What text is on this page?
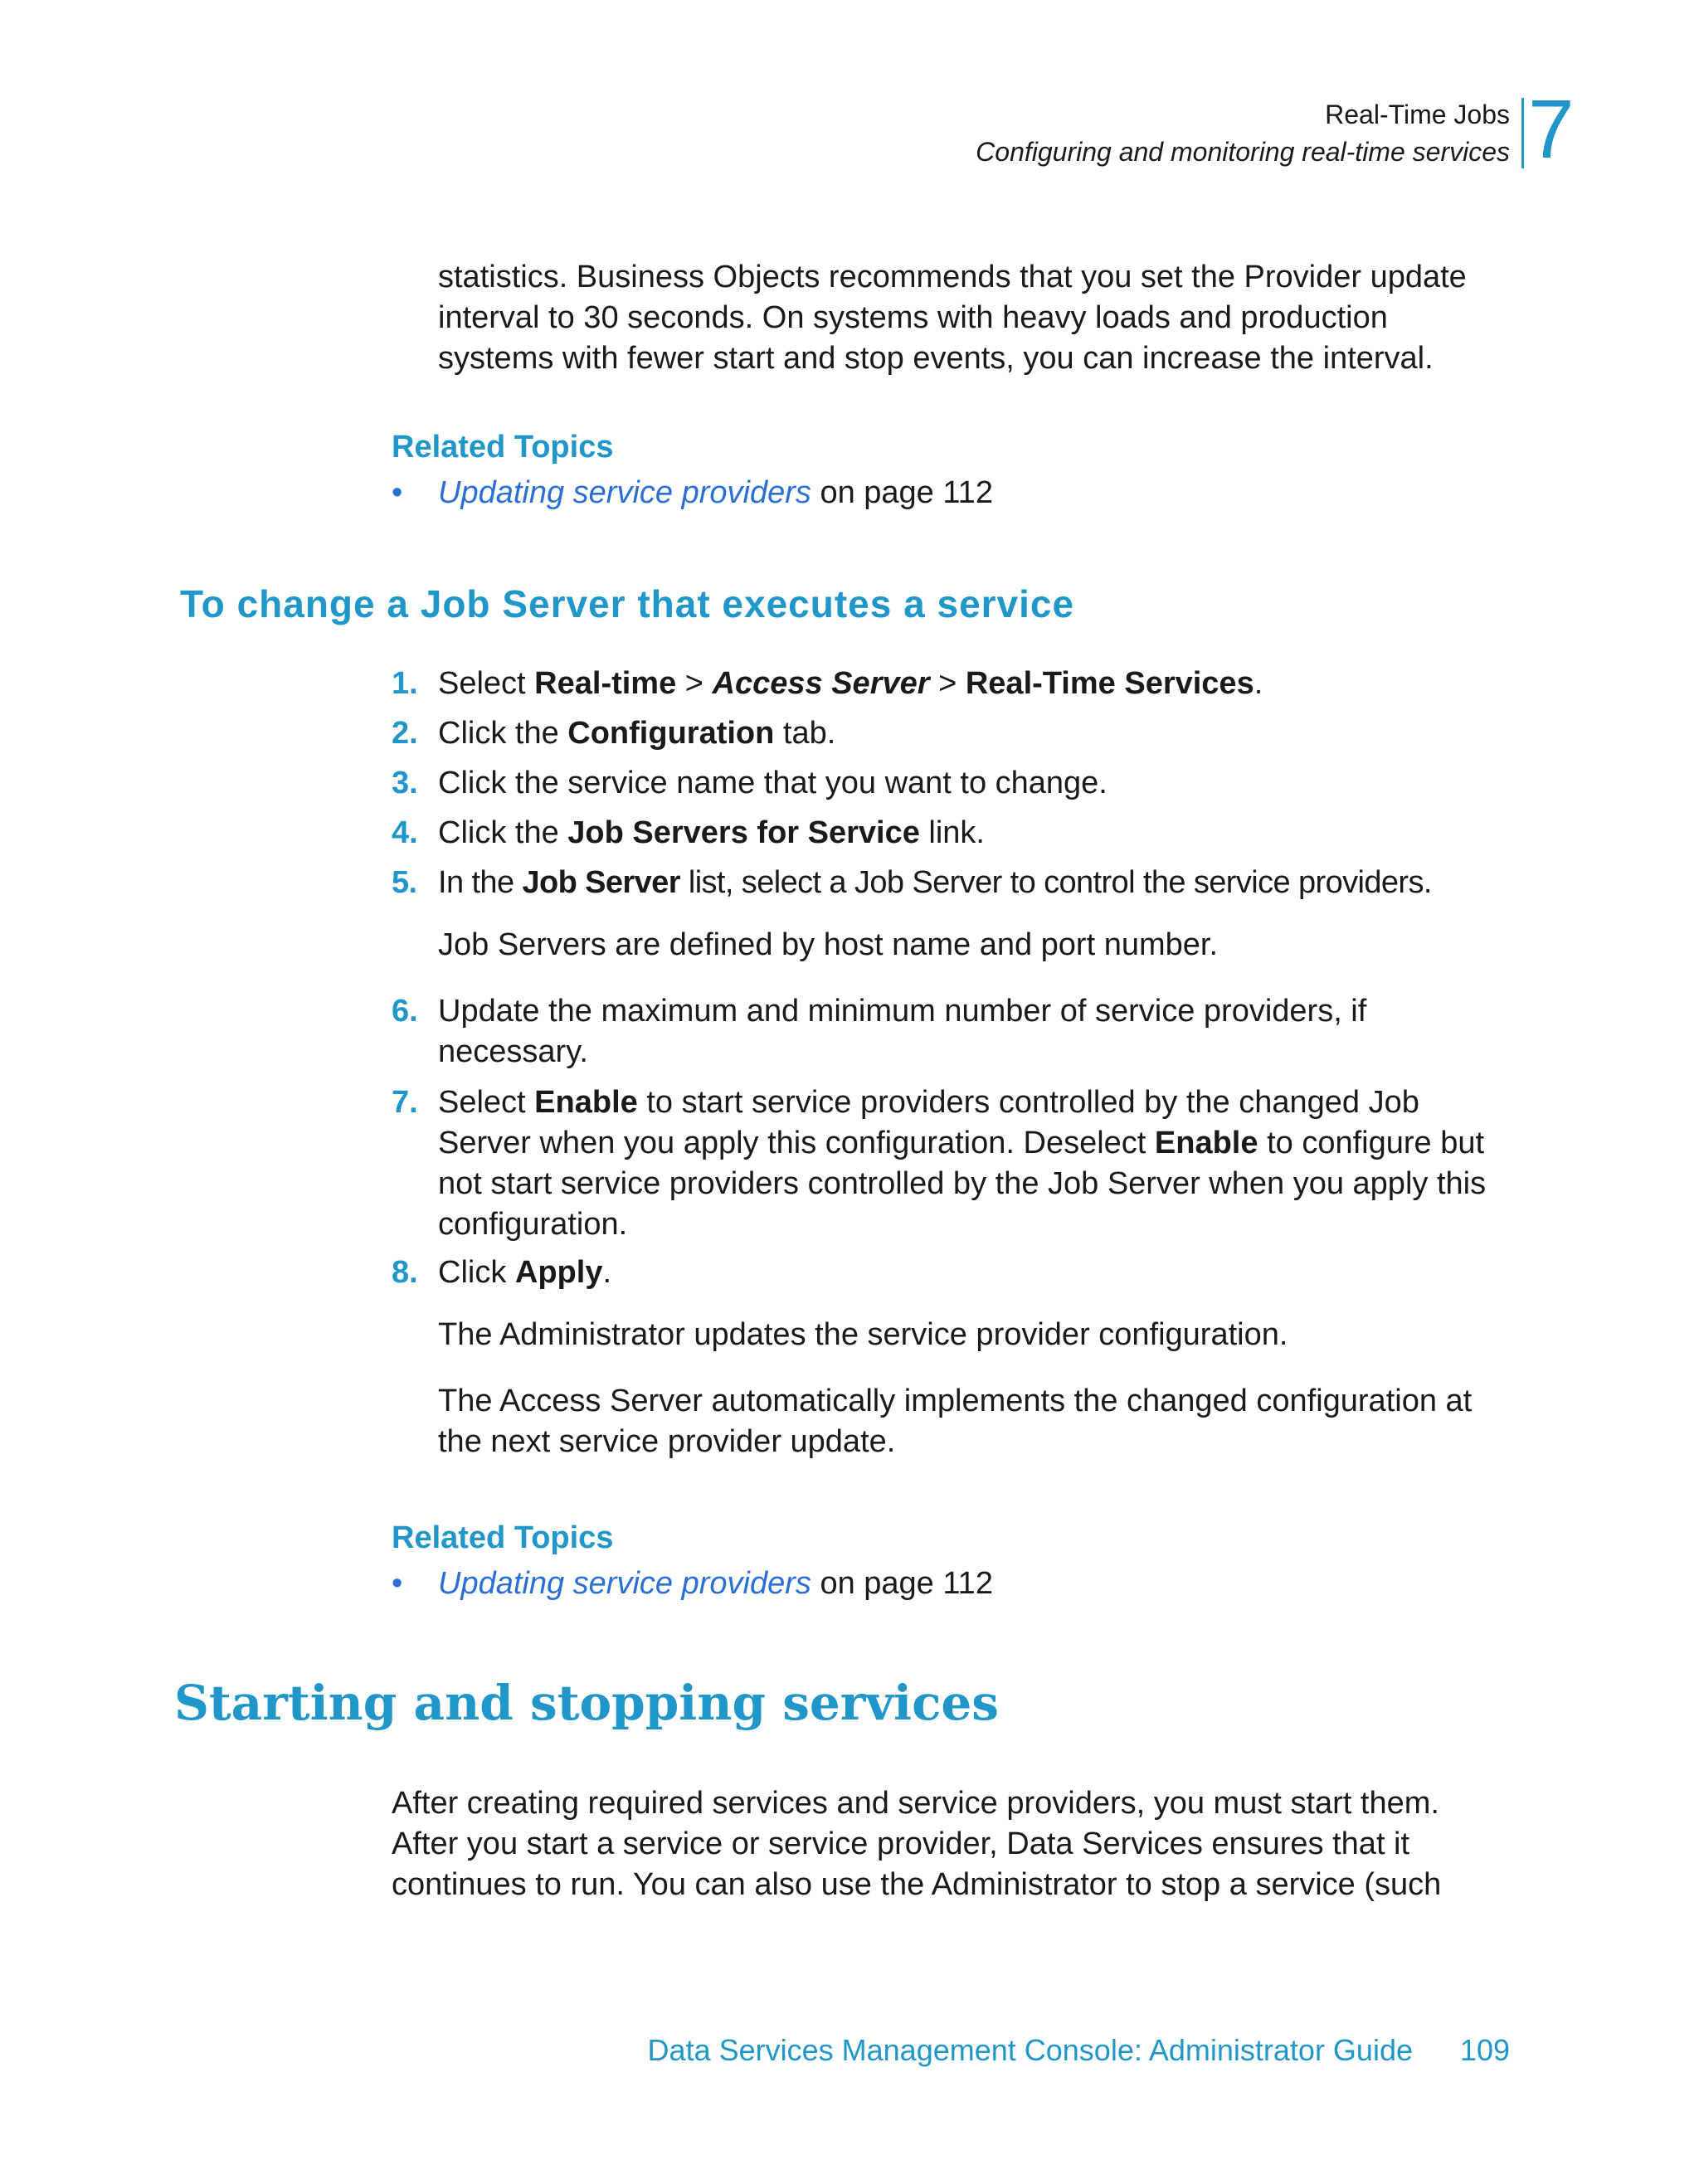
Real-Time Jobs
Configuring and monitoring real-time services 7
statistics. Business Objects recommends that you set the Provider update interval to 30 seconds. On systems with heavy loads and production systems with fewer start and stop events, you can increase the interval.
Related Topics
• Updating service providers on page 112
To change a Job Server that executes a service
1. Select Real-time > Access Server > Real-Time Services.
2. Click the Configuration tab.
3. Click the service name that you want to change.
4. Click the Job Servers for Service link.
5. In the Job Server list, select a Job Server to control the service providers.
Job Servers are defined by host name and port number.
6. Update the maximum and minimum number of service providers, if necessary.
7. Select Enable to start service providers controlled by the changed Job Server when you apply this configuration. Deselect Enable to configure but not start service providers controlled by the Job Server when you apply this configuration.
8. Click Apply.
The Administrator updates the service provider configuration.
The Access Server automatically implements the changed configuration at the next service provider update.
Related Topics
• Updating service providers on page 112
Starting and stopping services
After creating required services and service providers, you must start them. After you start a service or service provider, Data Services ensures that it continues to run. You can also use the Administrator to stop a service (such
Data Services Management Console: Administrator Guide 109
